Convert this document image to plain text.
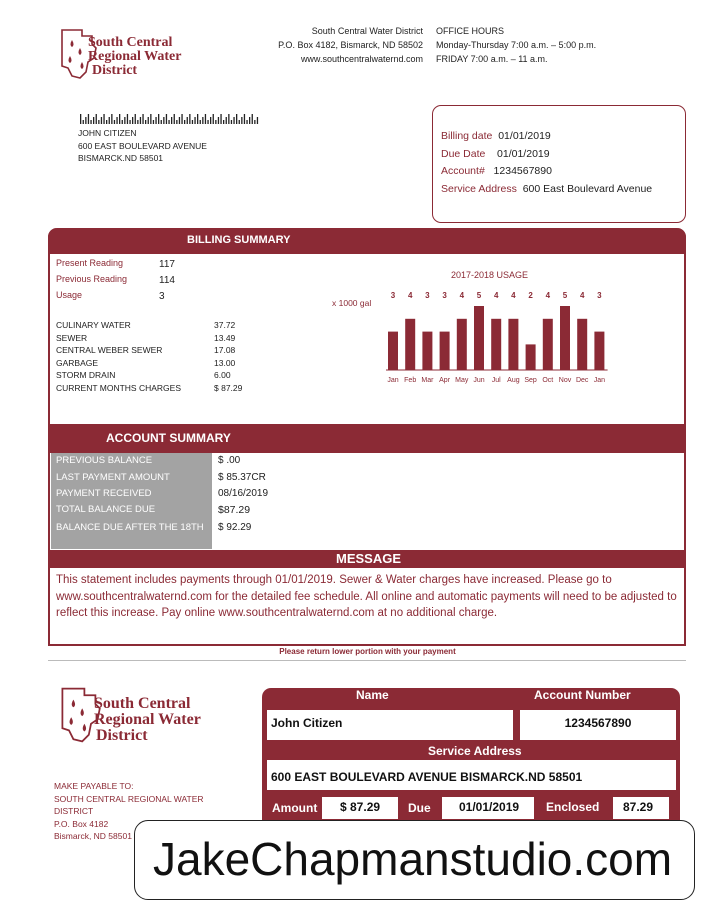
South Central
Regional Water
District
South Central Water District
P.O. Box 4182, Bismarck, ND 58502
www.southcentralwaternd.com
OFFICE HOURS
Monday-Thursday 7:00 a.m. – 5:00 p.m.
FRIDAY 7:00 a.m. – 11 a.m.
JOHN CITIZEN
600 EAST BOULEVARD AVENUE
BISMARCK.ND 58501
Billing date 01/01/2019
Due Date 01/01/2019
Account# 1234567890
Service Address 600 East Boulevard Avenue
BILLING SUMMARY
Present Reading	117
Previous Reading	114
Usage	3
CULINARY WATER	37.72
SEWER	13.49
CENTRAL WEBER SEWER	17.08
GARBAGE	13.00
STORM DRAIN	6.00
CURRENT MONTHS CHARGES	$ 87.29
2017-2018 USAGE
x 1000 gal
3
Jan
4
Feb
3
Mar
3
Apr
4
May
5
Jun
4
Jul
4
Aug
2
Sep
4
Oct
5
Nov
4
Dec
3
Jan
ACCOUNT SUMMARY
PREVIOUS BALANCE	$ .00
LAST PAYMENT AMOUNT	$ 85.37CR
PAYMENT RECEIVED	08/16/2019
TOTAL BALANCE DUE	$87.29
BALANCE DUE AFTER THE 18TH $ 92.29
MESSAGE
This statement includes payments through 01/01/2019. Sewer & Water charges have increased. Please go to www.southcentralwaternd.com for the detailed fee schedule. All online and automatic payments will need to be adjusted to reflect this increase. Pay online www.southcentralwaternd.com at no additional charge.
Please return lower portion with your payment
South Central
Regional Water
District
MAKE PAYABLE TO:
SOUTH CENTRAL REGIONAL WATER
DISTRICT
P.O. Box 4182
Bismarck, ND 58501
Name	Account Number
John Citizen	1234567890
Service Address
600 EAST BOULEVARD AVENUE BISMARCK.ND 58501
Amount	$ 87.29	Due	01/01/2019	Enclosed	87.29
JakeChapmanstudio.com
